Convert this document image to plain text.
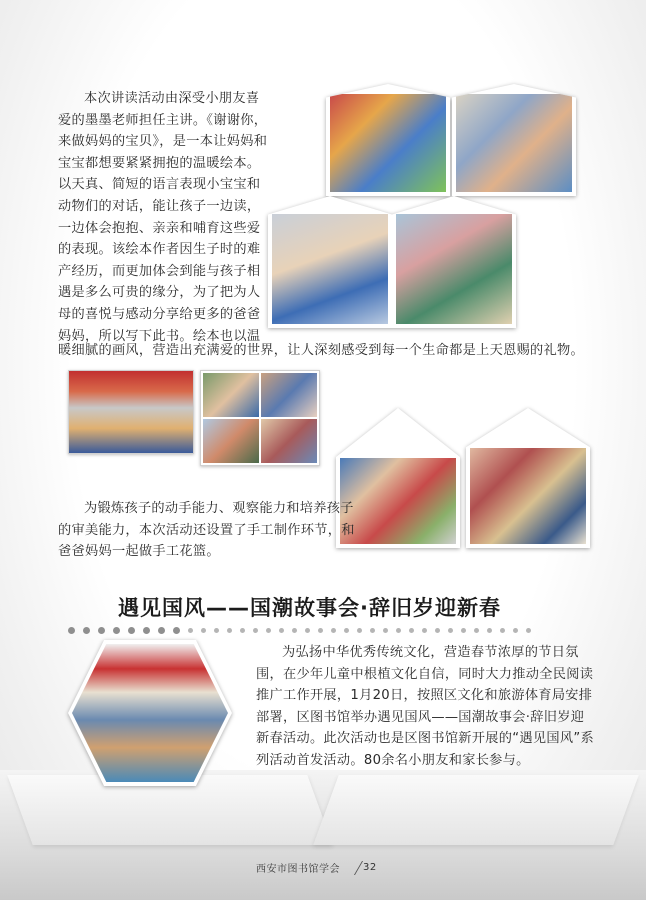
本次讲读活动由深受小朋友喜爱的墨墨老师担任主讲。《谢谢你，来做妈妈的宝贝》，是一本让妈妈和宝宝都想要紧紧拥抱的温暖绘本。以天真、简短的语言表现小宝宝和动物们的对话，能让孩子一边读，一边体会抱抱、亲亲和哺育这些爱的表现。该绘本作者因生子时的难产经历，而更加体会到能与孩子相遇是多么可贵的缘分，为了把为人母的喜悦与感动分享给更多的爸爸妈妈，所以写下此书。绘本也以温

暖细腻的画风，营造出充满爱的世界，让人深刻感受到每一个生命都是上天恩赐的礼物。

为锻炼孩子的动手能力、观察能力和培养孩子的审美能力，本次活动还设置了手工制作环节，和爸爸妈妈一起做手工花篮。

遇见国风——国潮故事会·辞旧岁迎新春

为弘扬中华优秀传统文化，营造春节浓厚的节日氛围，在少年儿童中根植文化自信，同时大力推动全民阅读推广工作开展，1月20日，按照区文化和旅游体育局安排部署，区图书馆举办遇见国风——国潮故事会·辞旧岁迎新春活动。此次活动也是区图书馆新开展的“遇见国风”系列活动首发活动。80余名小朋友和家长参与。

西安市图书馆学会 32
